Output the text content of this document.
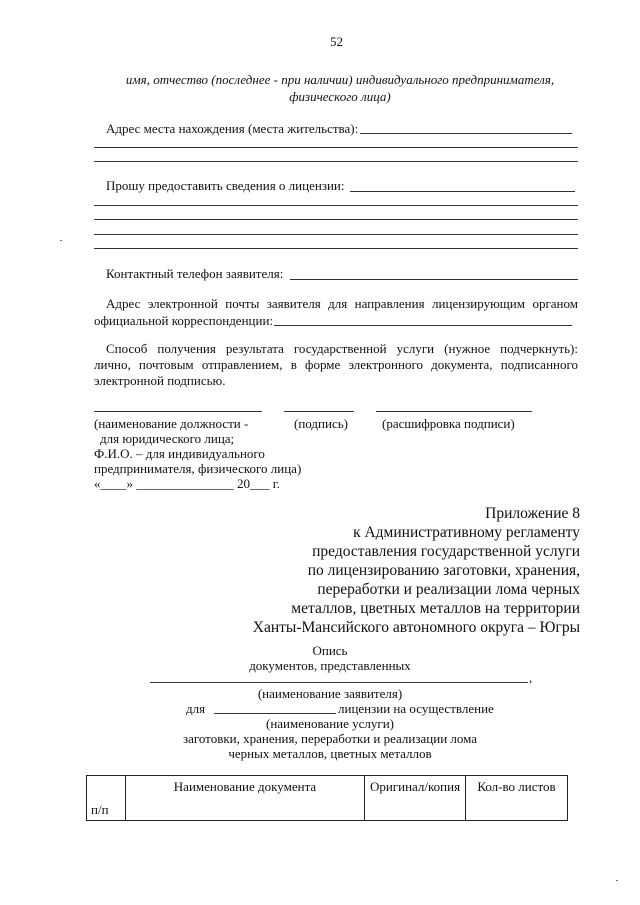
52
имя, отчество (последнее - при наличии) индивидуального предпринимателя,
физического лица)
Адрес места нахождения (места жительства):
Прошу предоставить сведения о лицензии:
Контактный телефон заявителя:
Адрес электронной почты заявителя для направления лицензирующим органом
официальной корреспонденции:
Способ получения результата государственной услуги (нужное подчеркнуть):
лично, почтовым отправлением, в форме электронного документа, подписанного
электронной подписью.
(наименование должности -	(подпись)	(расшифровка подписи)
для юридического лица;
Ф.И.О. – для индивидуального
предпринимателя, физического лица)
«____» _______________ 20___ г.
Приложение 8
к Административному регламенту
предоставления государственной услуги
по лицензированию заготовки, хранения,
переработки и реализации лома черных
металлов, цветных металлов на территории
Ханты-Мансийского автономного округа – Югры
Опись
документов, представленных
,
(наименование заявителя)
для	лицензии на осуществление
(наименование услуги)
заготовки, хранения, переработки и реализации лома
черных металлов, цветных металлов
п/п	Наименование документа	Оригинал/копия	Кол-во листов
